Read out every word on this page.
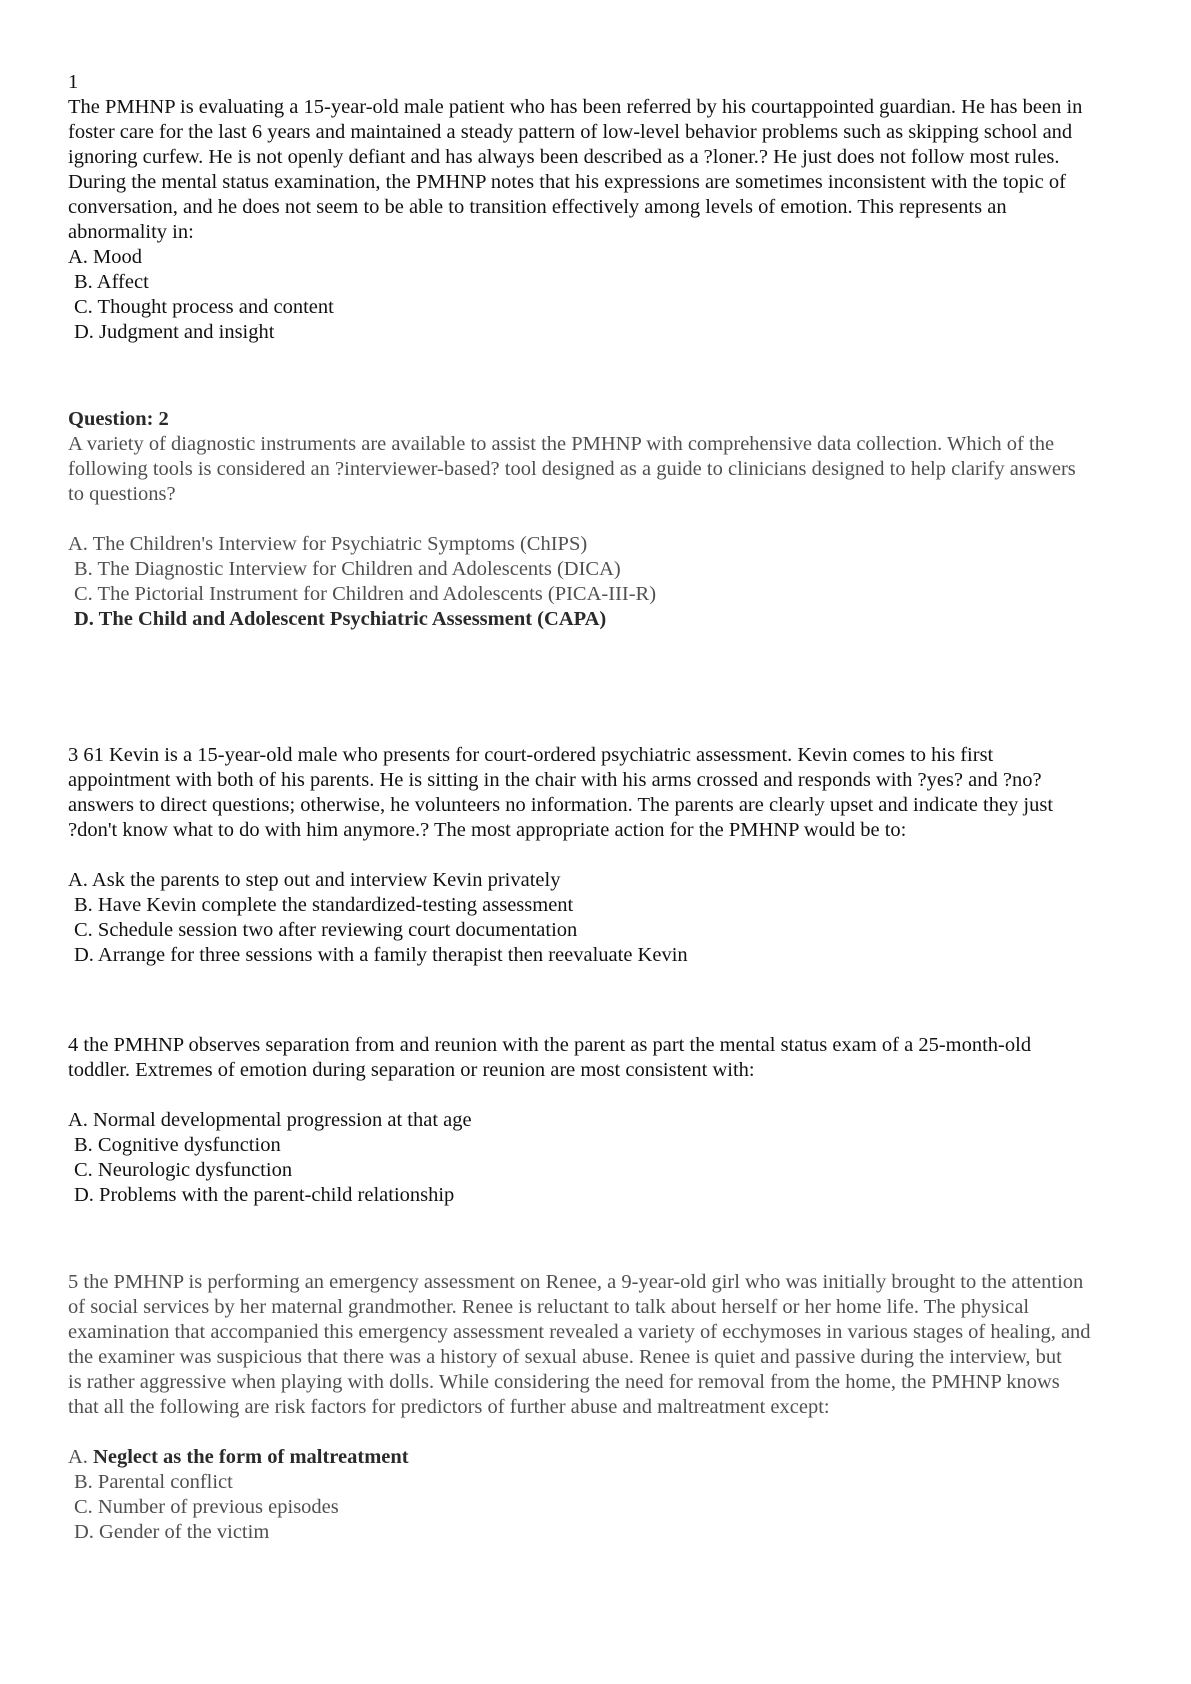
1
The PMHNP is evaluating a 15-year-old male patient who has been referred by his courtappointed guardian. He has been in
foster care for the last 6 years and maintained a steady pattern of low-level behavior problems such as skipping school and
ignoring curfew. He is not openly defiant and has always been described as a ?loner.? He just does not follow most rules.
During the mental status examination, the PMHNP notes that his expressions are sometimes inconsistent with the topic of
conversation, and he does not seem to be able to transition effectively among levels of emotion. This represents an
abnormality in:
A. Mood
B. Affect
C. Thought process and content
D. Judgment and insight
Question: 2
A variety of diagnostic instruments are available to assist the PMHNP with comprehensive data collection. Which of the
following tools is considered an ?interviewer-based? tool designed as a guide to clinicians designed to help clarify answers
to questions?
A. The Children's Interview for Psychiatric Symptoms (ChIPS)
B. The Diagnostic Interview for Children and Adolescents (DICA)
C. The Pictorial Instrument for Children and Adolescents (PICA-III-R)
D. The Child and Adolescent Psychiatric Assessment (CAPA)
3 61 Kevin is a 15-year-old male who presents for court-ordered psychiatric assessment. Kevin comes to his first
appointment with both of his parents. He is sitting in the chair with his arms crossed and responds with ?yes? and ?no?
answers to direct questions; otherwise, he volunteers no information. The parents are clearly upset and indicate they just
?don't know what to do with him anymore.? The most appropriate action for the PMHNP would be to:
A. Ask the parents to step out and interview Kevin privately
B. Have Kevin complete the standardized-testing assessment
C. Schedule session two after reviewing court documentation
D. Arrange for three sessions with a family therapist then reevaluate Kevin
4 the PMHNP observes separation from and reunion with the parent as part the mental status exam of a 25-month-old
toddler. Extremes of emotion during separation or reunion are most consistent with:
A. Normal developmental progression at that age
B. Cognitive dysfunction
C. Neurologic dysfunction
D. Problems with the parent-child relationship
5 the PMHNP is performing an emergency assessment on Renee, a 9-year-old girl who was initially brought to the attention
of social services by her maternal grandmother. Renee is reluctant to talk about herself or her home life. The physical
examination that accompanied this emergency assessment revealed a variety of ecchymoses in various stages of healing, and
the examiner was suspicious that there was a history of sexual abuse. Renee is quiet and passive during the interview, but
is rather aggressive when playing with dolls. While considering the need for removal from the home, the PMHNP knows
that all the following are risk factors for predictors of further abuse and maltreatment except:
A. Neglect as the form of maltreatment
B. Parental conflict
C. Number of previous episodes
D. Gender of the victim
